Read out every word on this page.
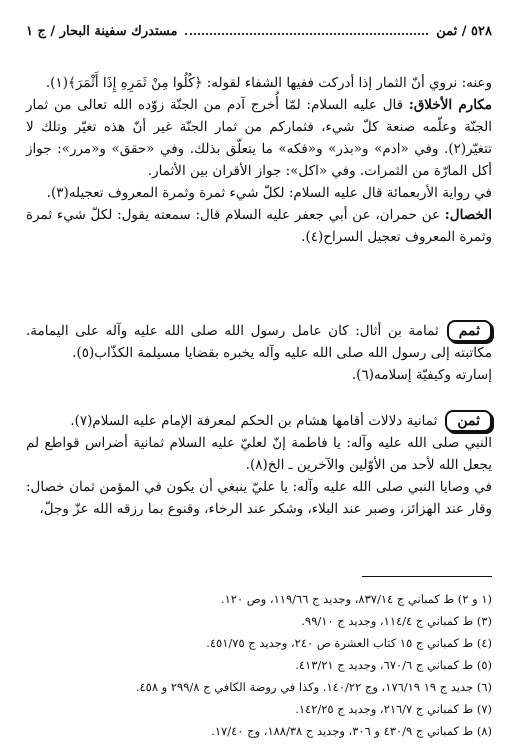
٥٢٨ / ثمن
مستدرك سفينة البحار / ج ١

وعنه: نروي أنّ الثمار إذا أدركت ففيها الشفاء لقوله: ﴿كُلُوا مِنْ ثَمَرِهِ إِذَا أَثْمَرَ﴾(١).

مكارم الأخلاق: قال عليه السلام: لمّا أُخرج آدم من الجنّة زوّده الله تعالى من ثمار الجنّة وعلّمه صنعة كلّ شيء، فثمارکم من ثمار الجنّة غير أنّ هذه تغيّر وتلك لا تتغيّر(٢). وفي «ادم» و«بذر» و«فكه» ما يتعلّق بذلك. وفي «حقق» و«مرر»: جواز أكل المارّة من الثمرات. وفي «اكل»: جواز الأقران بين الأثمار.

في رواية الأربعمائة قال عليه السلام: لكلّ شيء ثمرة وثمرة المعروف تعجيله(٣).

الخصال: عن حمران، عن أبي جعفر عليه السلام قال: سمعته يقول: لكلّ شيء ثمرة وثمرة المعروف تعجيل السراح(٤).

ثممثمامة بن أثال: كان عامل رسول الله صلى الله عليه وآله على اليمامة. مكاتبته إلى رسول الله صلى الله عليه وآله يخبره بقضايا مسيلمة الكذّاب(٥).

إسارته وكيفيّة إسلامه(٦).

ثمنثمانية دلالات أقامها هشام بن الحكم لمعرفة الإمام عليه السلام(٧).

النبي صلى الله عليه وآله: يا فاطمة إنّ لعليّ عليه السلام ثمانية أضراس قواطع لم يجعل الله لأحد من الأوّلين والآخرين ـ الخ(٨).

في وصايا النبي صلى الله عليه وآله: يا عليّ ينبغي أن يكون في المؤمن ثمان خصال: وقار عند الهزائز، وصبر عند البلاء، وشكر عند الرخاء، وقنوع بما رزقه الله عزّ وجلّ،

(١ و ٢) ط كمباني ج ٨٣٧/١٤، وجديد ج ١١٩/٦٦، وص ١٢٠.

(٣) ط كمباني ج ١١٤/٤، وجديد ج ٩٩/١٠.

(٤) ط كمباني ج ١٥ كتاب العشرة ص ٢٤٠، وجديد ج ٤٥١/٧٥.

(٥) ط كمباني ج ٦٧٠/٦، وجديد ج ٤١٣/٢١.

(٦) جديد ج ١٩ ١٧٦/١٩، وج ١٤٠/٢٢. وكذا في روضة الكافي ج ٢٩٩/٨ و ٤٥٨.

(٧) ط كمباني ج ٢١٦/٧، وجديد ج ١٤٢/٢٥.

(٨) ط كمباني ج ٤٣٠/٩ و ٣٠٦، وجديد ج ١٨٨/٣٨، وج ١٧/٤٠.
